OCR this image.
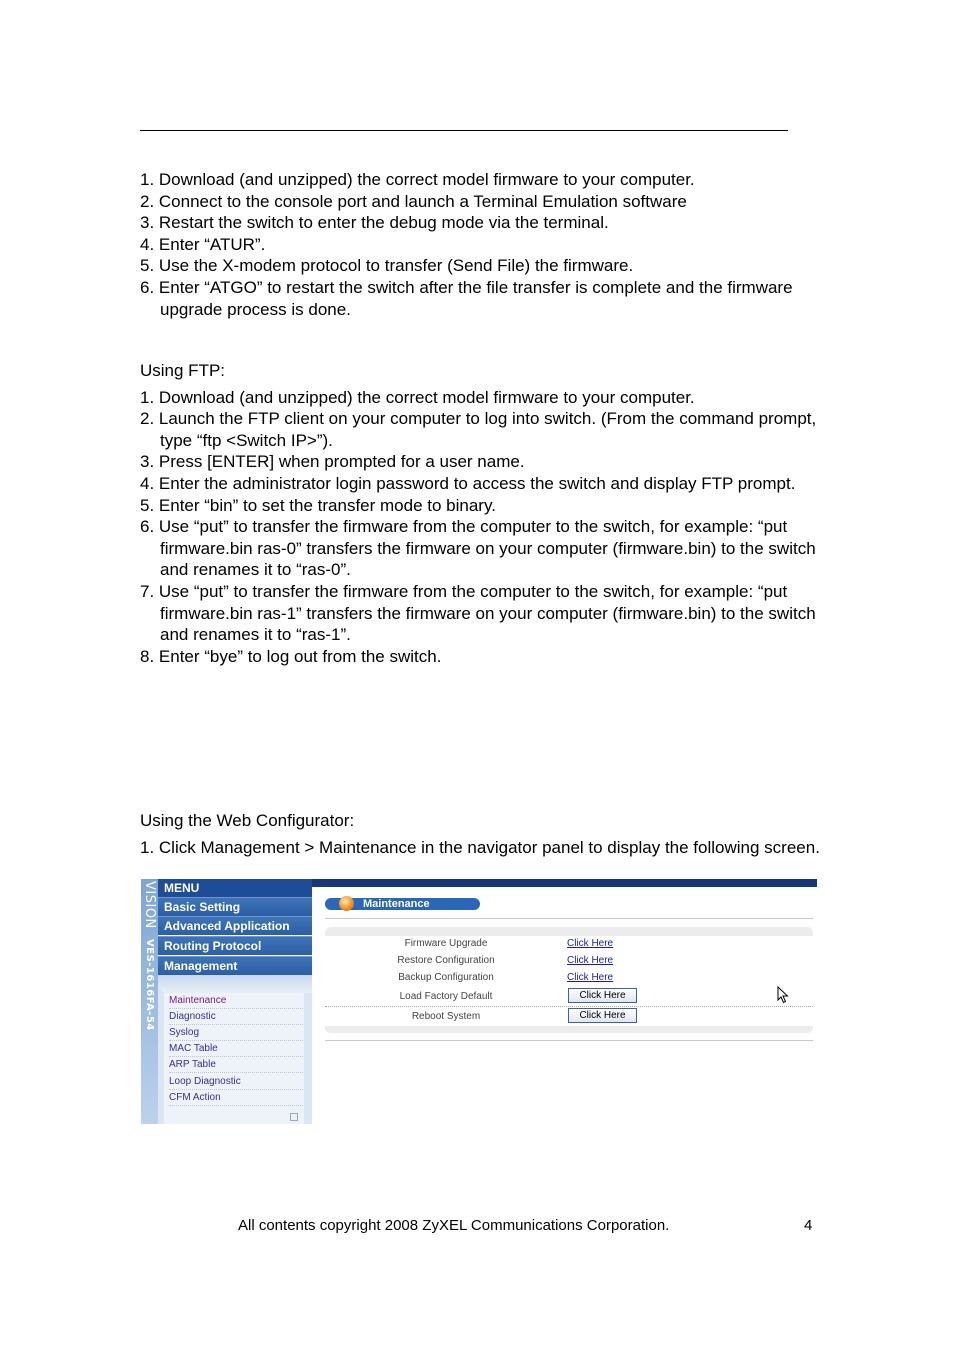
1. Download (and unzipped) the correct model firmware to your computer.

2. Connect to the console port and launch a Terminal Emulation software

3. Restart the switch to enter the debug mode via the terminal.

4. Enter “ATUR”.

5. Use the X-modem protocol to transfer (Send File) the firmware.

6. Enter “ATGO” to restart the switch after the file transfer is complete and the firmware upgrade process is done.

Using FTP:

1. Download (and unzipped) the correct model firmware to your computer.

2. Launch the FTP client on your computer to log into switch. (From the command prompt, type “ftp <Switch IP>”).

3. Press [ENTER] when prompted for a user name.

4. Enter the administrator login password to access the switch and display FTP prompt.

5. Enter “bin” to set the transfer mode to binary.

6. Use “put” to transfer the firmware from the computer to the switch, for example: “put firmware.bin ras-0” transfers the firmware on your computer (firmware.bin) to the switch and renames it to “ras-0”.

7. Use “put” to transfer the firmware from the computer to the switch, for example: “put firmware.bin ras-1” transfers the firmware on your computer (firmware.bin) to the switch and renames it to “ras-1”.

8. Enter “bye” to log out from the switch.

Using the Web Configurator:

1. Click Management > Maintenance in the navigator panel to display the following screen.

VISION VES-1616FA-54
MENU
Basic Setting
Advanced Application
Routing Protocol
Management
Maintenance
Diagnostic
Syslog
MAC Table
ARP Table
Loop Diagnostic
CFM Action
Maintenance
Firmware Upgrade	Click Here
Restore Configuration	Click Here
Backup Configuration	Click Here
Load Factory Default	Click Here
Reboot System	Click Here
All contents copyright 2008 ZyXEL Communications Corporation.	4
